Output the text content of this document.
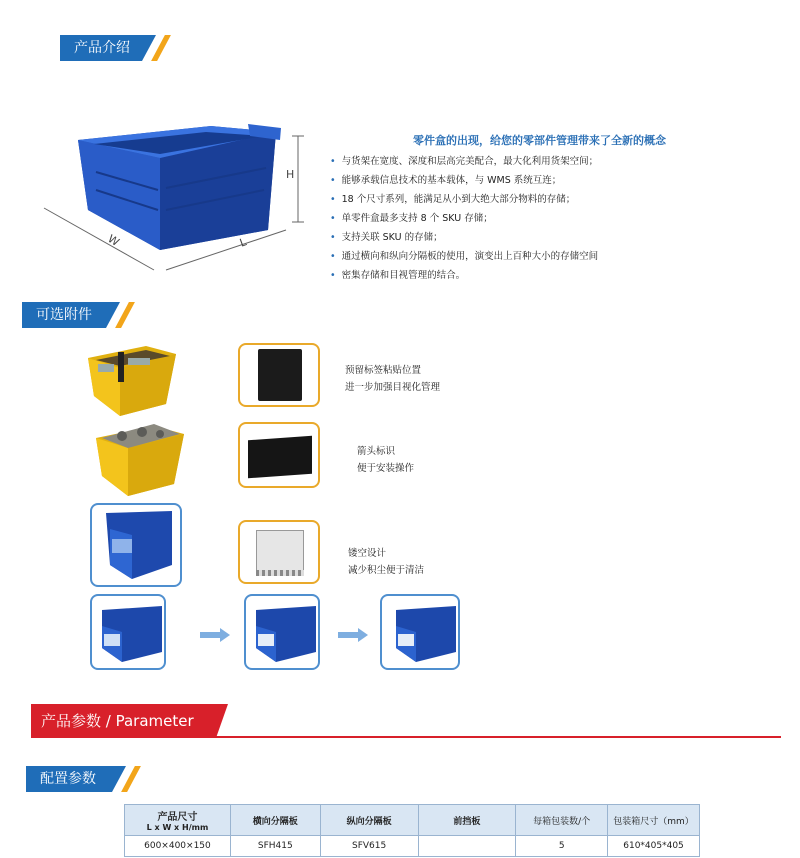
产品介绍
H
W	L
零件盒的出现，给您的零部件管理带来了全新的概念
• 与货架在宽度、深度和层高完美配合，最大化利用货架空间；
• 能够承载信息技术的基本载体，与 WMS 系统互连；
• 18 个尺寸系列，能满足从小到大绝大部分物料的存储；
• 单零件盒最多支持 8 个 SKU 存储；
• 支持关联 SKU 的存储；
• 通过横向和纵向分隔板的使用，演变出上百种大小的存储空间
• 密集存储和目视管理的结合。
可选附件
预留标签粘贴位置
进一步加强目视化管理
箭头标识
便于安装操作
镂空设计
减少积尘便于清洁
产品参数 / Parameter
配置参数
产品尺寸
L x W x H/mm	横向分隔板	纵向分隔板	前挡板	每箱包装数/个	包装箱尺寸（mm）
600×400×150	SFH415	SFV615		5	610*405*405
